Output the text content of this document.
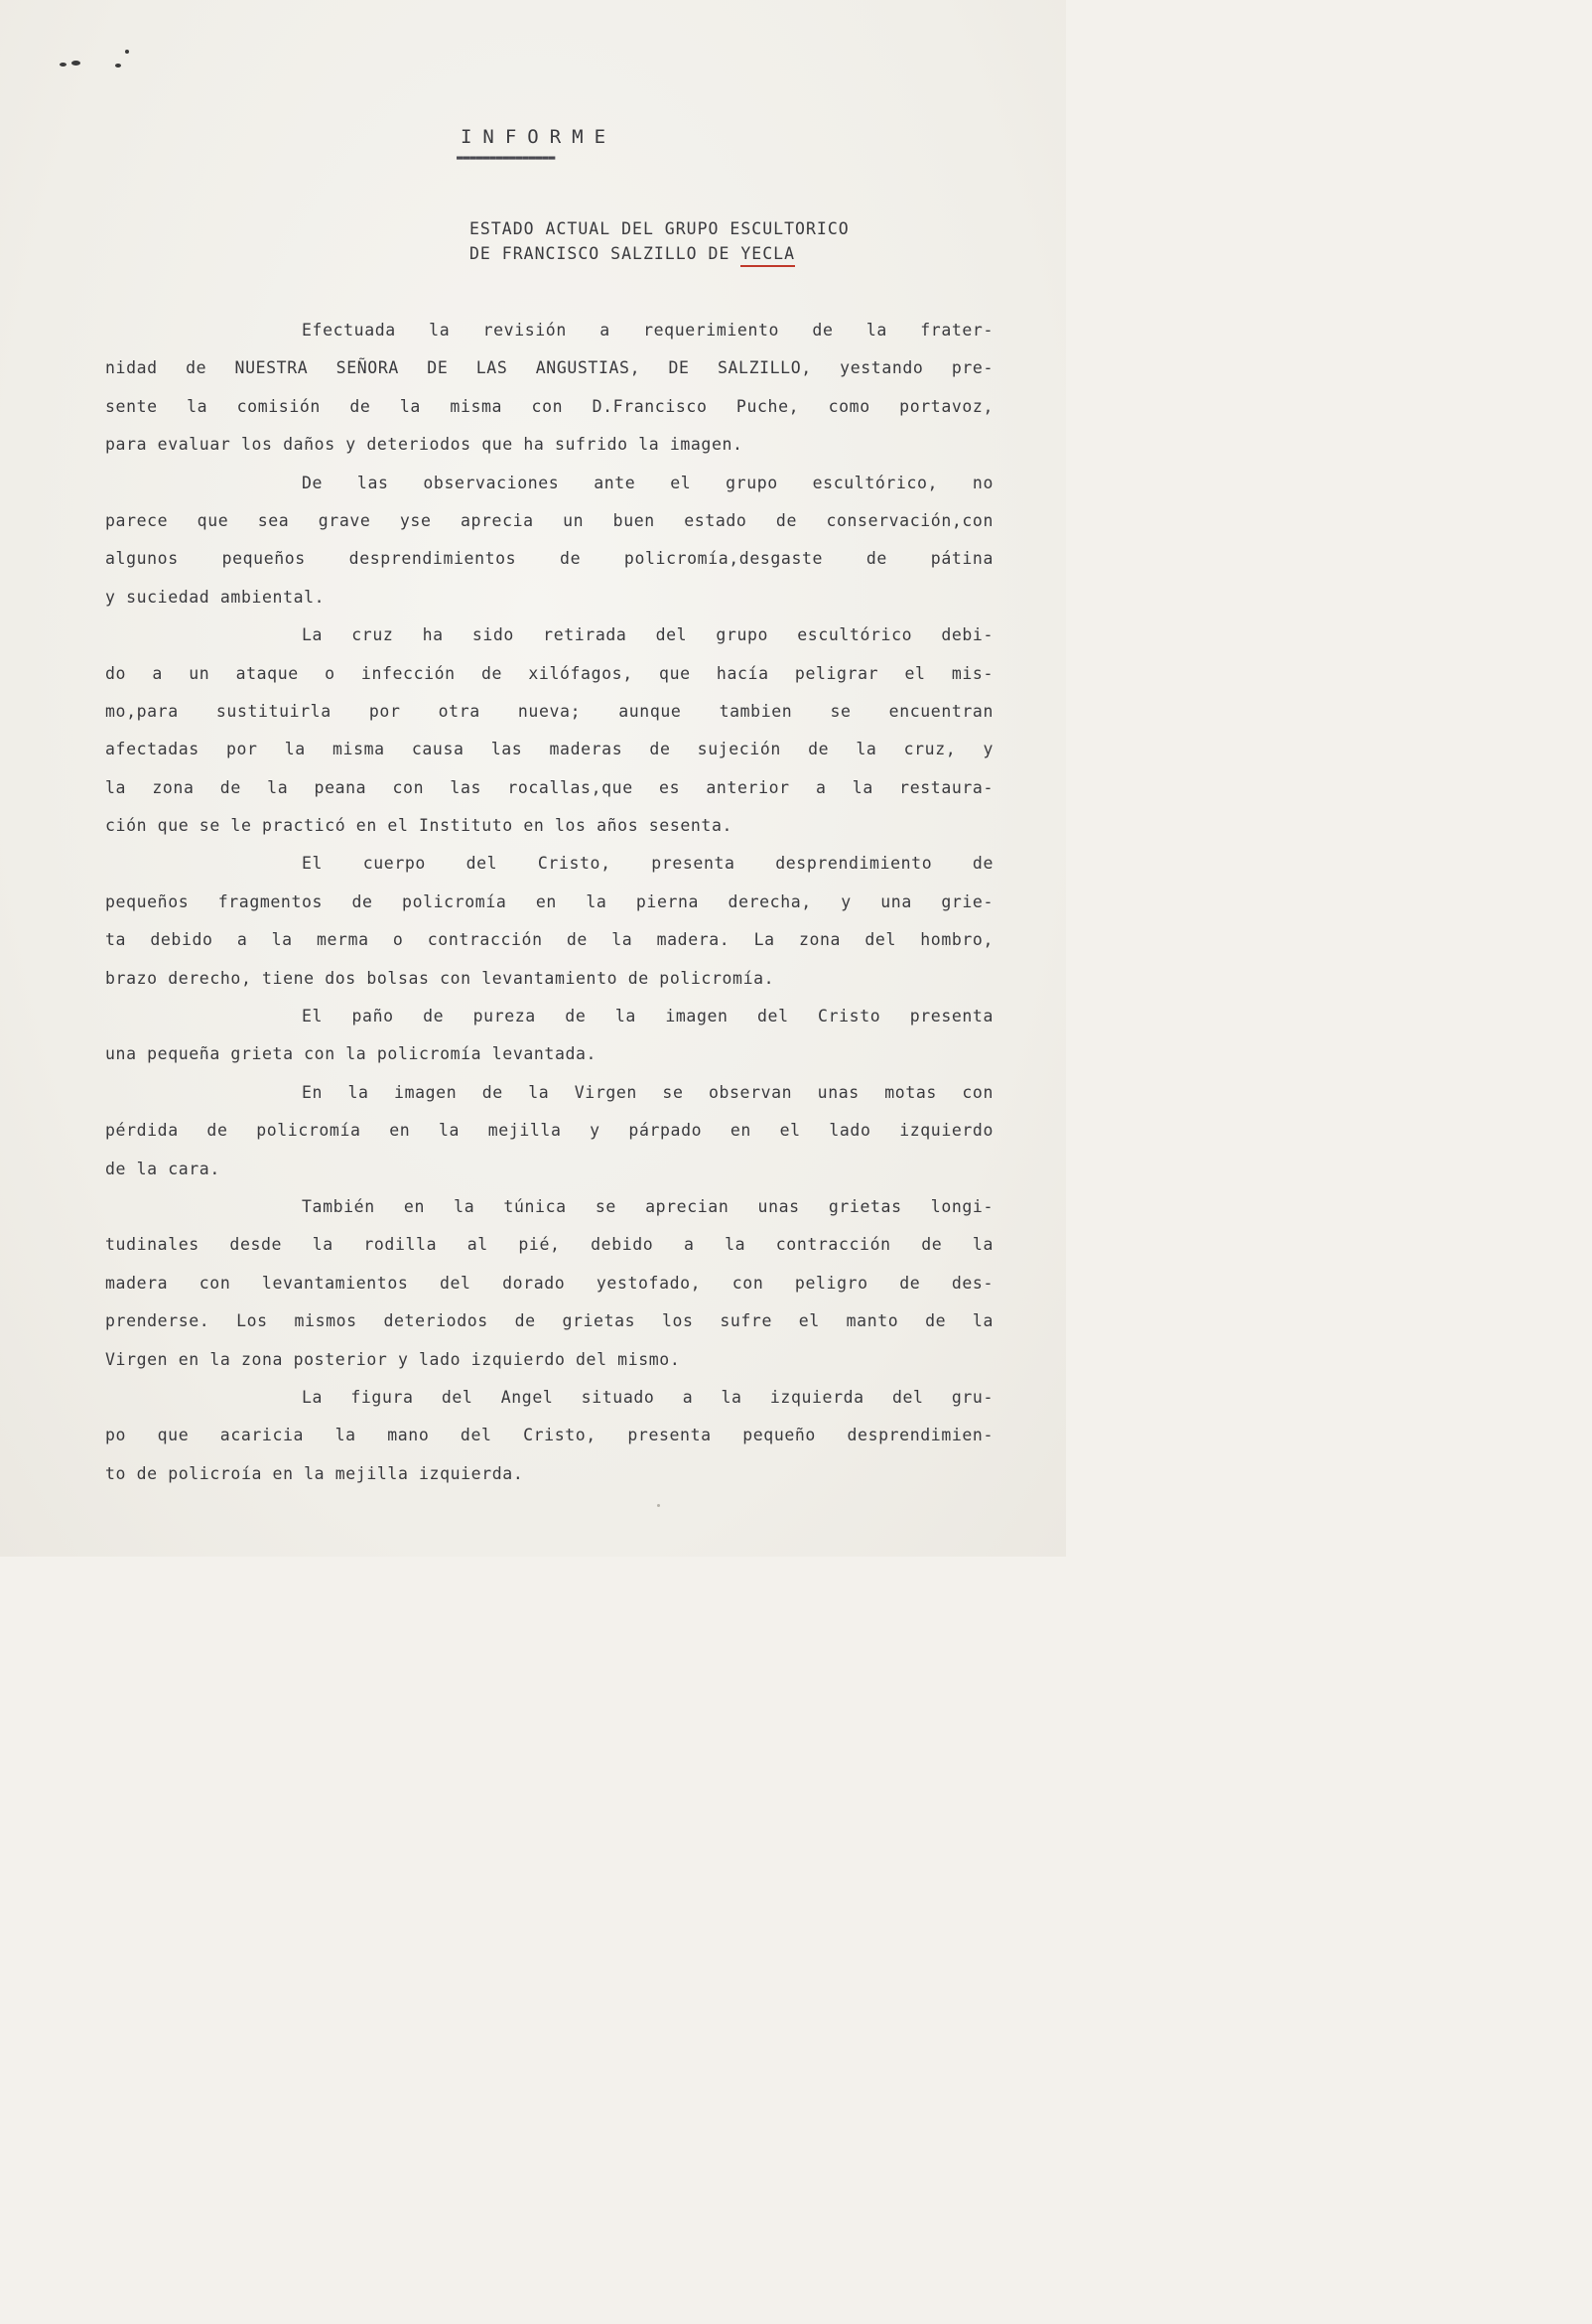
INFORME
▬▬▬▬▬▬▬▬▬▬▬▬▬▬▬
ESTADO ACTUAL DEL GRUPO ESCULTORICO
DE FRANCISCO SALZILLO DE YECLA
Efectuada la revisión a requerimiento de la frater-
nidad de NUESTRA SEÑORA DE LAS ANGUSTIAS, DE SALZILLO, yestando pre-
sente la comisión de la misma con D.Francisco Puche, como portavoz,
para evaluar los daños y deteriodos que ha sufrido la imagen.
De las observaciones ante el grupo escultórico, no
parece que sea grave yse aprecia un buen estado de conservación,con
algunos pequeños desprendimientos de policromía,desgaste de pátina
y suciedad ambiental.
La cruz ha sido retirada del grupo escultórico debi-
do a un ataque o infección de xilófagos, que hacía peligrar el mis-
mo,para sustituirla por otra nueva; aunque tambien se encuentran
afectadas por la misma causa las maderas de sujeción de la cruz, y
la zona de la peana con las rocallas,que es anterior a la restaura-
ción que se le practicó en el Instituto en los años sesenta.
El cuerpo del Cristo, presenta desprendimiento de
pequeños fragmentos de policromía en la pierna derecha, y una grie-
ta debido a la merma o contracción de la madera. La zona del hombro,
brazo derecho, tiene dos bolsas con levantamiento de policromía.
El paño de pureza de la imagen del Cristo presenta
una pequeña grieta con la policromía levantada.
En la imagen de la Virgen se observan unas motas con
pérdida de policromía en la mejilla y párpado en el lado izquierdo
de la cara.
También en la túnica se aprecian unas grietas longi-
tudinales desde la rodilla al pié, debido a la contracción de la
madera con levantamientos del dorado yestofado, con peligro de des-
prenderse. Los mismos deteriodos de grietas los sufre el manto de la
Virgen en la zona posterior y lado izquierdo del mismo.
La figura del Angel situado a la izquierda del gru-
po que acaricia la mano del Cristo, presenta pequeño desprendimien-
to de policroía en la mejilla izquierda.
